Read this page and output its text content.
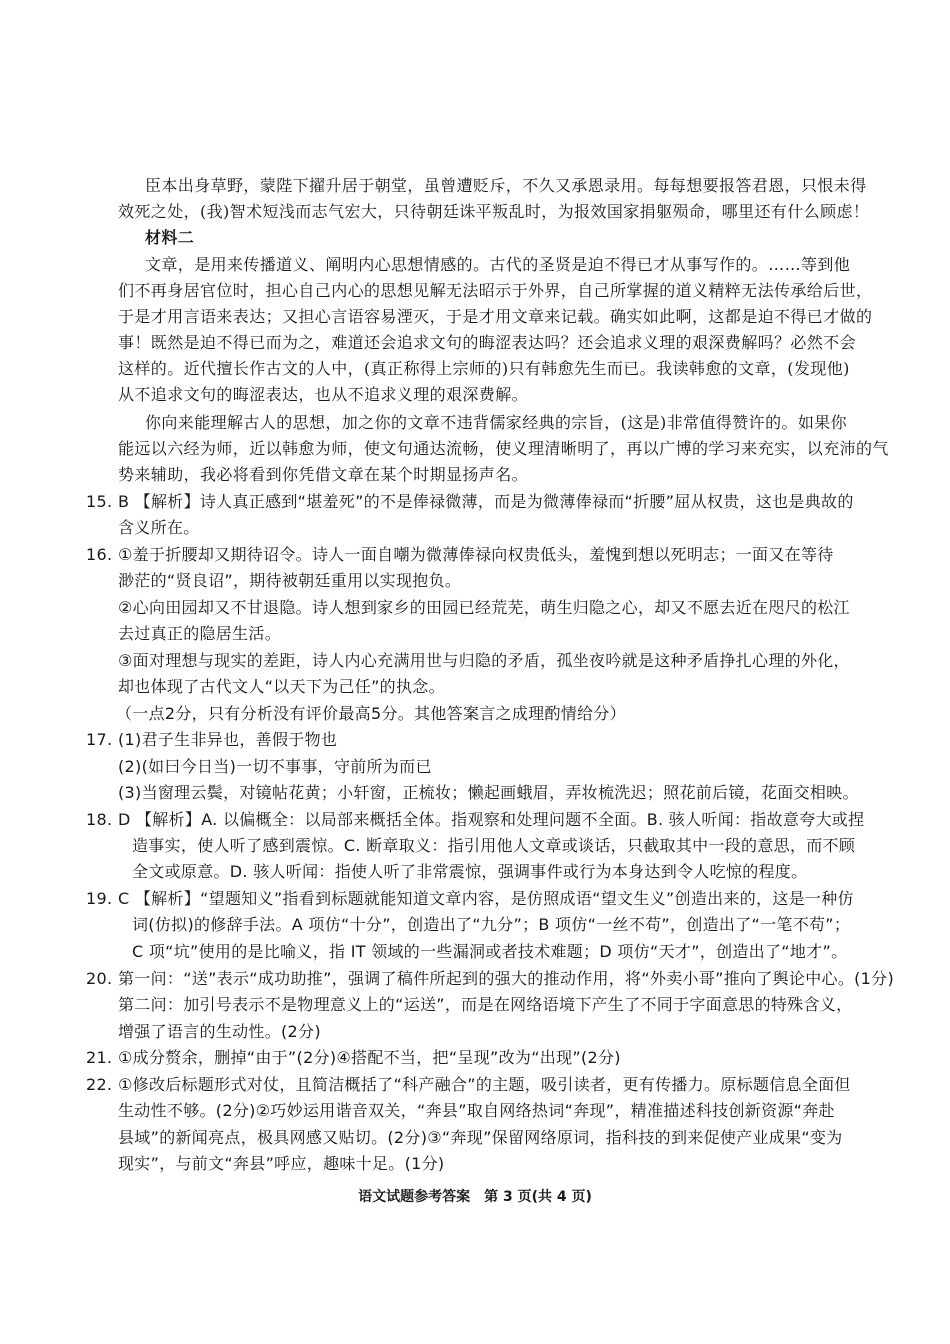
臣本出身草野，蒙陛下擢升居于朝堂，虽曾遭贬斥，不久又承恩录用。每每想要报答君恩，只恨未得
效死之处，(我)智术短浅而志气宏大，只待朝廷诛平叛乱时，为报效国家捐躯殒命，哪里还有什么顾虑！
材料二
文章，是用来传播道义、阐明内心思想情感的。古代的圣贤是迫不得已才从事写作的。……等到他
们不再身居官位时，担心自己内心的思想见解无法昭示于外界，自己所掌握的道义精粹无法传承给后世，
于是才用言语来表达；又担心言语容易湮灭，于是才用文章来记载。确实如此啊，这都是迫不得已才做的
事！既然是迫不得已而为之，难道还会追求文句的晦涩表达吗？还会追求义理的艰深费解吗？必然不会
这样的。近代擅长作古文的人中，(真正称得上宗师的)只有韩愈先生而已。我读韩愈的文章，(发现他)
从不追求文句的晦涩表达，也从不追求义理的艰深费解。
你向来能理解古人的思想，加之你的文章不违背儒家经典的宗旨，(这是)非常值得赞许的。如果你
能远以六经为师，近以韩愈为师，使文句通达流畅，使义理清晰明了，再以广博的学习来充实，以充沛的气
势来辅助，我必将看到你凭借文章在某个时期显扬声名。
15. B 【解析】诗人真正感到“堪羞死”的不是俸禄微薄，而是为微薄俸禄而“折腰”屈从权贵，这也是典故的
含义所在。
16. ①羞于折腰却又期待诏令。诗人一面自嘲为微薄俸禄向权贵低头，羞愧到想以死明志；一面又在等待
渺茫的“贤良诏”，期待被朝廷重用以实现抱负。
②心向田园却又不甘退隐。诗人想到家乡的田园已经荒芜，萌生归隐之心，却又不愿去近在咫尺的松江
去过真正的隐居生活。
③面对理想与现实的差距，诗人内心充满用世与归隐的矛盾，孤坐夜吟就是这种矛盾挣扎心理的外化，
却也体现了古代文人“以天下为己任”的执念。
（一点2分，只有分析没有评价最高5分。其他答案言之成理酌情给分）
17. (1)君子生非异也，善假于物也
(2)(如曰今日当)一切不事事，守前所为而已
(3)当窗理云鬓，对镜帖花黄；小轩窗，正梳妆；懒起画蛾眉，弄妆梳洗迟；照花前后镜，花面交相映。
18. D 【解析】A. 以偏概全：以局部来概括全体。指观察和处理问题不全面。B. 骇人听闻：指故意夸大或捏
造事实，使人听了感到震惊。C. 断章取义：指引用他人文章或谈话，只截取其中一段的意思，而不顾
全文或原意。D. 骇人听闻：指使人听了非常震惊，强调事件或行为本身达到令人吃惊的程度。
19. C 【解析】“望题知义”指看到标题就能知道文章内容，是仿照成语“望文生义”创造出来的，这是一种仿
词(仿拟)的修辞手法。A 项仿“十分”，创造出了“九分”；B 项仿“一丝不苟”，创造出了“一笔不苟”；
C 项“坑”使用的是比喻义，指 IT 领域的一些漏洞或者技术难题；D 项仿“天才”，创造出了“地才”。
20. 第一问：“送”表示“成功助推”，强调了稿件所起到的强大的推动作用，将“外卖小哥”推向了舆论中心。(1分)
第二问：加引号表示不是物理意义上的“运送”，而是在网络语境下产生了不同于字面意思的特殊含义，
增强了语言的生动性。(2分)
21. ①成分赘余，删掉“由于”(2分)④搭配不当，把“呈现”改为“出现”(2分)
22. ①修改后标题形式对仗，且简洁概括了“科产融合”的主题，吸引读者，更有传播力。原标题信息全面但
生动性不够。(2分)②巧妙运用谐音双关，“奔县”取自网络热词“奔现”，精准描述科技创新资源“奔赴
县域”的新闻亮点，极具网感又贴切。(2分)③“奔现”保留网络原词，指科技的到来促使产业成果“变为
现实”，与前文“奔县”呼应，趣味十足。(1分)
语文试题参考答案　第 3 页(共 4 页)
